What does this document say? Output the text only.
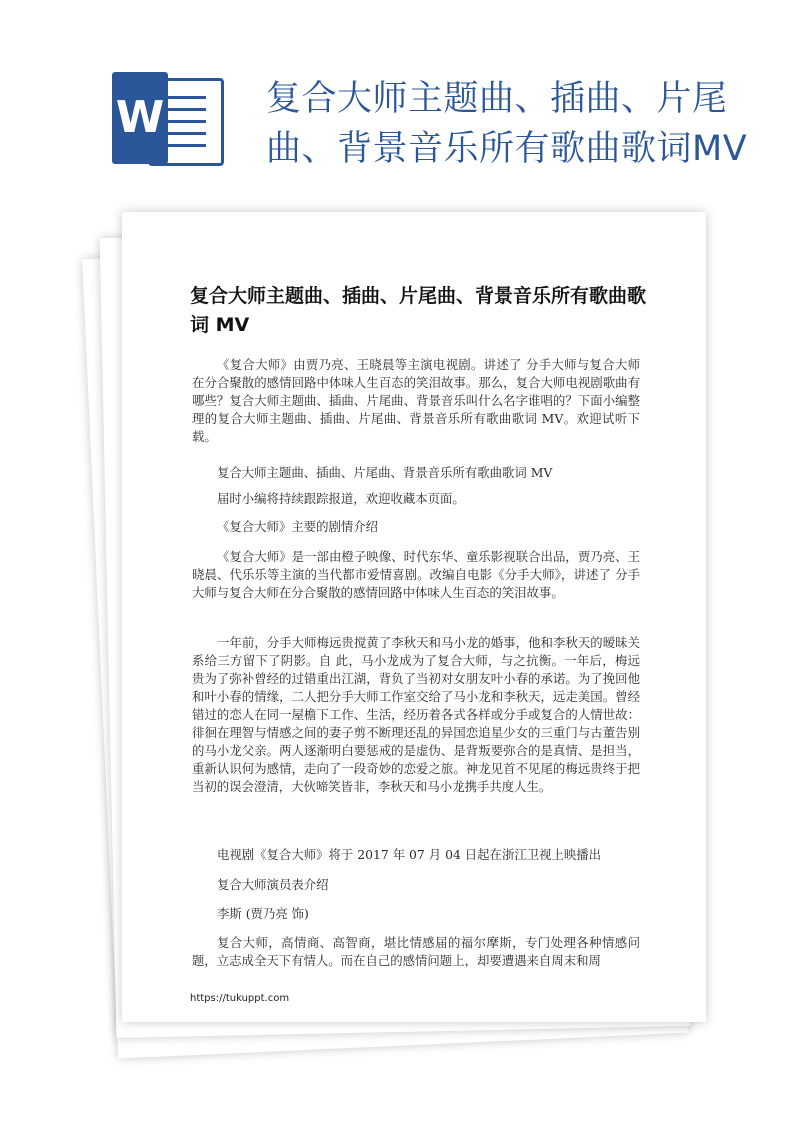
W	复合大师主题曲、插曲、片尾曲、背景音乐所有歌曲歌词MV
复合大师主题曲、插曲、片尾曲、背景音乐所有歌曲歌词 MV
《复合大师》由贾乃亮、王晓晨等主演电视剧。讲述了 分手大师与复合大师在分合聚散的感情回路中体味人生百态的笑泪故事。那么，复合大师电视剧歌曲有哪些？复合大师主题曲、插曲、片尾曲、背景音乐叫什么名字谁唱的？下面小编整理的复合大师主题曲、插曲、片尾曲、背景音乐所有歌曲歌词 MV。欢迎试听下载。
复合大师主题曲、插曲、片尾曲、背景音乐所有歌曲歌词 MV
届时小编将持续跟踪报道，欢迎收藏本页面。
《复合大师》主要的剧情介绍
《复合大师》是一部由橙子映像、时代东华、童乐影视联合出品，贾乃亮、王晓晨、代乐乐等主演的当代都市爱情喜剧。改编自电影《分手大师》，讲述了 分手大师与复合大师在分合聚散的感情回路中体味人生百态的笑泪故事。
一年前，分手大师梅远贵搅黄了李秋天和马小龙的婚事，他和李秋天的暧昧关系给三方留下了阴影。自 此，马小龙成为了复合大师，与之抗衡。一年后，梅远贵为了弥补曾经的过错重出江湖，背负了当初对女朋友叶小春的承诺。为了挽回他和叶小春的情缘，二人把分手大师工作室交给了马小龙和李秋天，远走美国。曾经错过的恋人在同一屋檐下工作、生活，经历着各式各样或分手或复合的人情世故：徘徊在理智与情感之间的妻子剪不断理还乱的异国恋追星少女的三重门与古董告别的马小龙父亲。两人逐渐明白要惩戒的是虚伪、是背叛要弥合的是真情、是担当，重新认识何为感情，走向了一段奇妙的恋爱之旅。神龙见首不见尾的梅远贵终于把当初的误会澄清，大伙啼笑皆非，李秋天和马小龙携手共度人生。
电视剧《复合大师》将于 2017 年 07 月 04 日起在浙江卫视上映播出
复合大师演员表介绍
李斯 (贾乃亮 饰)
复合大师，高情商、高智商，堪比情感届的福尔摩斯，专门处理各种情感问题，立志成全天下有情人。而在自己的感情问题上，却要遭遇来自周末和周
https://tukuppt.com
